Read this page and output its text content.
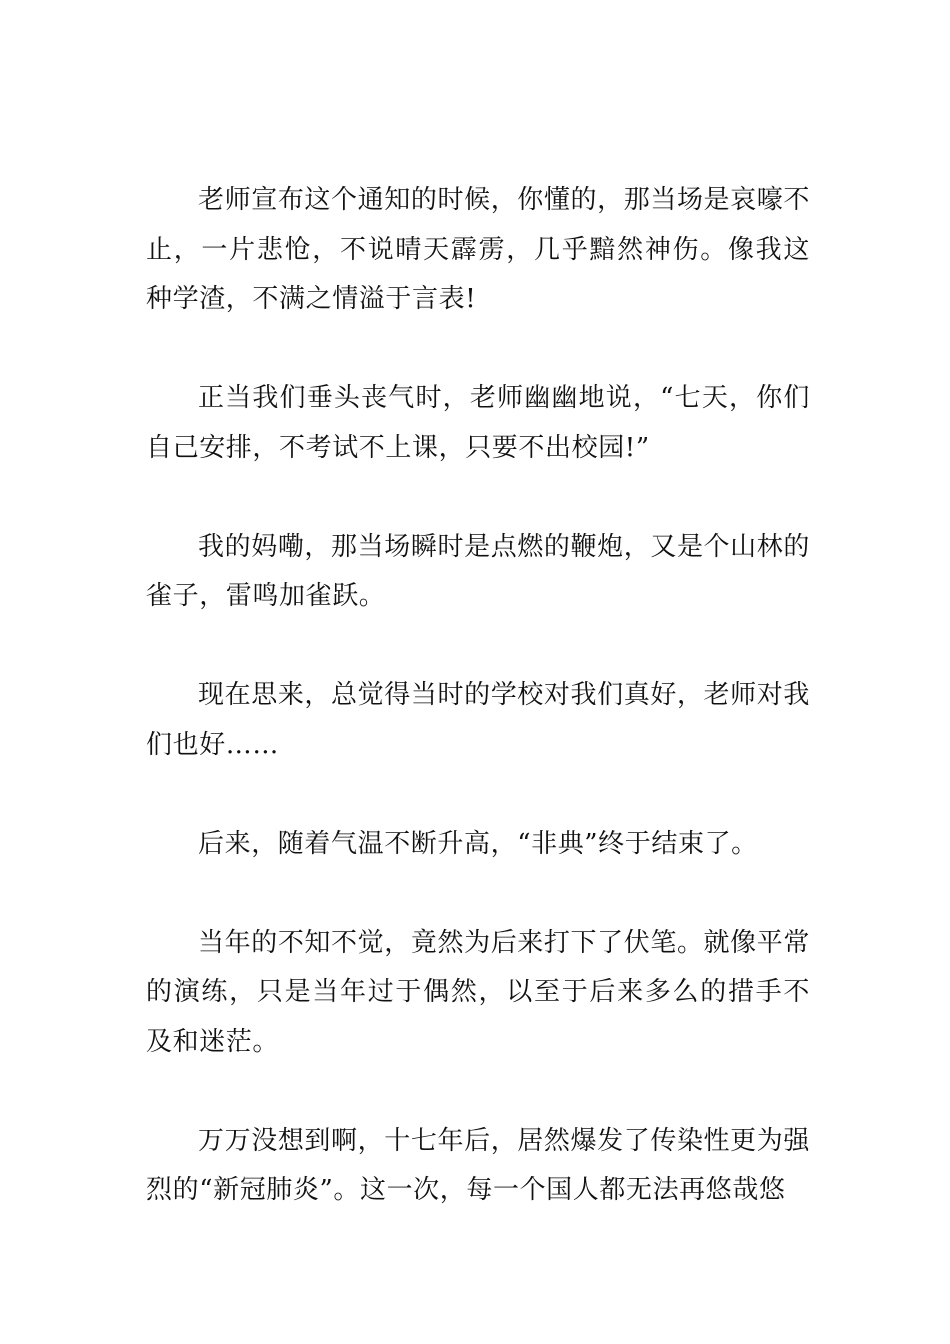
老师宣布这个通知的时候，你懂的，那当场是哀嚎不止，一片悲怆，不说晴天霹雳，几乎黯然神伤。像我这种学渣，不满之情溢于言表!

正当我们垂头丧气时，老师幽幽地说，“七天，你们自己安排，不考试不上课，只要不出校园!”

我的妈嘞，那当场瞬时是点燃的鞭炮，又是个山林的雀子，雷鸣加雀跃。

现在思来，总觉得当时的学校对我们真好，老师对我们也好……

后来，随着气温不断升高，“非典”终于结束了。

当年的不知不觉，竟然为后来打下了伏笔。就像平常的演练，只是当年过于偶然，以至于后来多么的措手不及和迷茫。

万万没想到啊，十七年后，居然爆发了传染性更为强烈的“新冠肺炎”。这一次，每一个国人都无法再悠哉悠
